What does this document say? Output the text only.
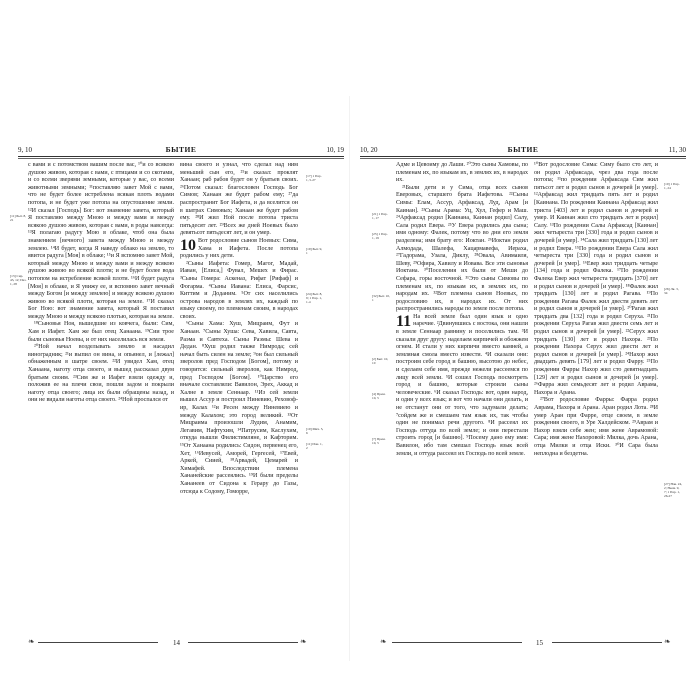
9, 10	БЫТИЕ	10, 19

с вами и с потомством вашим после вас, ¹⁰и со всякою душою живою, которая с вами, с птицами и со скотами, и со всеми зверями земными, которые у вас, со всеми животными земными; ¹¹поставляю завет Мой с вами, что не будет более истреблена всякая плоть водами потопа, и не будет уже потопа на опустошение земли. ¹²И сказал [Господь] Бог: вот знамение завета, который Я поставляю между Мною и между вами и между всякою душою живою, которая с вами, в роды навсегда: ¹³Я полагаю радугу Мою в облаке, чтоб она была знамением [вечного] завета между Мною и между землею. ¹⁴И будет, когда Я наведу облако на землю, то явится радуга [Моя] в облаке; ¹⁵и Я вспомню завет Мой, который между Мною и между вами и между всякою душою живою во всякой плоти; и не будет более вода потопом на истребление всякой плоти. ¹⁶И будет радуга [Моя] в облаке, и Я увижу ее, и вспомню завет вечный между Богом [и между землею] и между всякою душою живою во всякой плоти, которая на земле. ¹⁷И сказал Бог Ною: вот знамение завета, который Я поставил между Мною и между всякою плотью, которая на земле.

¹⁸Сыновья Ноя, вышедшие из ковчега, были: Сим, Хам и Иафет. Хам же был отец Ханаана. ¹⁹Сии трое были сыновья Ноевы, и от них населилась вся земля.

²⁰Ной начал возделывать землю и насадил виноградник; ²¹и выпил он вина, и опьянел, и [лежал] обнаженным в шатре своем. ²²И увидел Хам, отец Ханаана, наготу отца своего, и вышед рассказал двум братьям своим. ²³Сим же и Иафет взяли одежду и, положив ее на плечи свои, пошли задом и покрыли наготу отца своего; лица их были обращены назад, и они не видали наготы отца своего. ²⁴Ной проспался от

вина своего и узнал, что сделал над ним меньший сын его, ²⁵и сказал: проклят Ханаан; раб рабов будет он у братьев своих. ²⁶Потом сказал: благословен Господь Бог Симов; Ханаан же будет рабом ему; ²⁷да распространит Бог Иафета, и да вселится он в шатрах Симовых; Ханаан же будет рабом ему. ²⁸И жил Ной после потопа триста пятьдесят лет. ²⁹Всех же дней Ноевых было девятьсот пятьдесят лет, и он умер.

10 Вот родословие сынов Ноевых: Сима, Хама и Иафета. После потопа родились у них дети.

²Сыны Иафета: Гомер, Магог, Мадай, Иаван, [Елиса,] Фувал, Мешех и Фирас. ³Сыны Гомера: Аскеназ, Рифат [Рифаф] и Фогарма. ⁴Сыны Иавана: Елиса, Фарсис, Киттим и Доданим. ⁵От сих населились острова народов в землях их, каждый по языку своему, по племенам своим, в народах своих.

⁶Сыны Хама: Хуш, Мицраим, Фут и Ханаан. ⁷Сыны Хуша: Сева, Хавила, Савта, Раэма и Савтеха. Сыны Раэмы: Шева и Дедан. ⁸Хуш родил также Нимрода; сей начал быть силен на земле; ⁹он был сильный зверолов пред Господом [Богом], потому и говорится: сильный зверолов, как Нимрод, пред Господом [Богом]. ¹⁰Царство его вначале составляли: Вавилон, Эрех, Аккад и Халне в земле Сеннаар. ¹¹Из сей земли вышел Ассур и построил Ниневию, Реховоф-ир, Калах ¹²и Ресен между Ниневиею и между Калахом; это город великий. ¹³От Мицраима произошли Лудим, Анамим, Легавим, Нафтухим, ¹⁴Патрусим, Каслухим, откуда вышли Филистимляне, и Кафторим. ¹⁵От Ханаана родились: Сидон, первенец его, Хет, ¹⁶Иевусей, Аморей, Гергесей, ¹⁷Евей, Аркей, Сиией, ¹⁸Арвадей, Цемарей и Химафей. Впоследствии племена Хананейские рассеялись. ¹⁹И были пределы Хананеев от Сидона к Герару до Газы, отсюда к Содому, Гоморре,

[11] Быт. 8, 21
[13] Сир. 43, 12; Иез. 1, 28
[17] 1 Пар. 1, 5-27
[19] Быт. 9, 1
[24] Быт. 8, 9; 1 Пар. 1, 1-4
[10] Мих. 5, 6
[11] Ион. 1, 2
❧	14	❧
10, 20	БЫТИЕ	11, 30

Адме и Цевоиму до Лаши. ²⁰Это сыны Хамовы, по племенам их, по языкам их, в землях их, в народах их.

²¹Были дети и у Сима, отца всех сынов Еверовых, старшего брата Иафетова. ²²Сыны Симы: Елам, Ассур, Арфаксад, Луд, Арам [и Каинан]. ²³Сыны Арама: Уц, Хул, Гефер и Маш. ²⁴Арфаксад родил [Каинана, Каинан родил] Салу, Сала родил Евера. ²⁵У Евера родились два сына; имя одному: Фалек, потому что во дни его земля разделена; имя брату его: Иоктан. ²⁶Иоктан родил Алмодада, Шалефа, Хацармавефа, Иераха, ²⁷Гадорама, Узала, Диклу, ²⁸Овала, Авимаиля, Шеву, ²⁹Офира, Хавилу и Иовава. Все эти сыновья Иоктана. ³⁰Поселения их были от Меши до Сефара, горы восточной. ³¹Это сыны Симовы по племенам их, по языкам их, в землях их, по народам их. ³²Вот племена сынов Ноевых, по родословию их, в народах их. От них распространились народы по земле после потопа.

11 На всей земле был один язык и одно наречие. ²Двинувшись с востока, они нашли в земле Сеннаар равнину и поселились там. ³И сказали друг другу: наделаем кирпичей и обожжем огнем. И стали у них кирпичи вместо камней, а земляная смола вместо извести. ⁴И сказали они: построим себе город и башню, высотою до небес, и сделаем себе имя, прежде нежели рассеемся по лицу всей земли. ⁵И сошел Господь посмотреть город и башню, которые строили сыны человеческие. ⁶И сказал Господь: вот, один народ, и один у всех язык; и вот что начали они делать, и не отстанут они от того, что задумали делать; ⁷сойдем же и смешаем там язык их, так чтобы один не понимал речи другого. ⁸И рассеял их Господь оттуда по всей земле; и они перестали строить город [и башню]. ⁹Посему дано ему имя: Вавилон, ибо там смешал Господь язык всей земли, и оттуда рассеял их Господь по всей земле.

¹⁰Вот родословие Сима: Симу было сто лет, и он родил Арфаксада, чрез два года после потопа; ¹¹по рождении Арфаксада Сим жил пятьсот лет и родил сынов и дочерей [и умер]. ¹²Арфаксад жил тридцать пять лет и родил [Каинана. По рождении Каинана Арфаксад жил триста [403] лет и родил сынов и дочерей и умер. И Каинан жил сто тридцать лет и родил] Салу. ¹³По рождении Салы Арфаксад [Каинан] жил четыреста три [330] года и родил сынов и дочерей [и умер]. ¹⁴Сала жил тридцать [130] лет и родил Евера. ¹⁵По рождении Евера Сала жил четыреста три [330] года и родил сынов и дочерей [и умер]. ¹⁶Евер жил тридцать четыре [134] года и родил Фалека. ¹⁷По рождении Фалека Евер жил четыреста тридцать [370] лет и родил сынов и дочерей [и умер]. ¹⁸Фалек жил тридцать [130] лет и родил Рагава. ¹⁹По рождении Рагава Фалек жил двести девять лет и родил сынов и дочерей [и умер]. ²⁰Рагав жил тридцать два [132] года и родил Серуха. ²¹По рождении Серуха Рагав жил двести семь лет и родил сынов и дочерей [и умер]. ²²Серух жил тридцать [130] лет и родил Нахора. ²³По рождении Нахора Серух жил двести лет и родил сынов и дочерей [и умер]. ²⁴Нахор жил двадцать девять [179] лет и родил Фарру. ²⁵По рождении Фарры Нахор жил сто девятнадцать [129] лет и родил сынов и дочерей [и умер]. ²⁶Фарра жил семьдесят лет и родил Аврама, Нахора и Арана.

²⁷Вот родословие Фарры: Фарра родил Аврама, Нахора и Арана. Аран родил Лота. ²⁸И умер Аран при Фарре, отце своем, в земле рождения своего, в Уре Халдейском. ²⁹Аврам и Нахор взяли себе жен; имя жене Аврамовой: Сара; имя жене Нахоровой: Милка, дочь Арана, отца Милки и отца Иски. ³⁰И Сара была неплодна и бездетна.

[21] 1 Пар. 1, 17
[25] 1 Пар. 1, 19
[32] Быт. 10, 1
[2] Быт. 10, 10
[4] Прем. 10, 5
[7] Прем. 10, 5
[10] 1 Пар. 1, 24
[26] Лк. 3, 34
[27] Нав. 24, 2; Неем. 9, 7; 1 Пар. 1, 26-27
❧	15	❧
